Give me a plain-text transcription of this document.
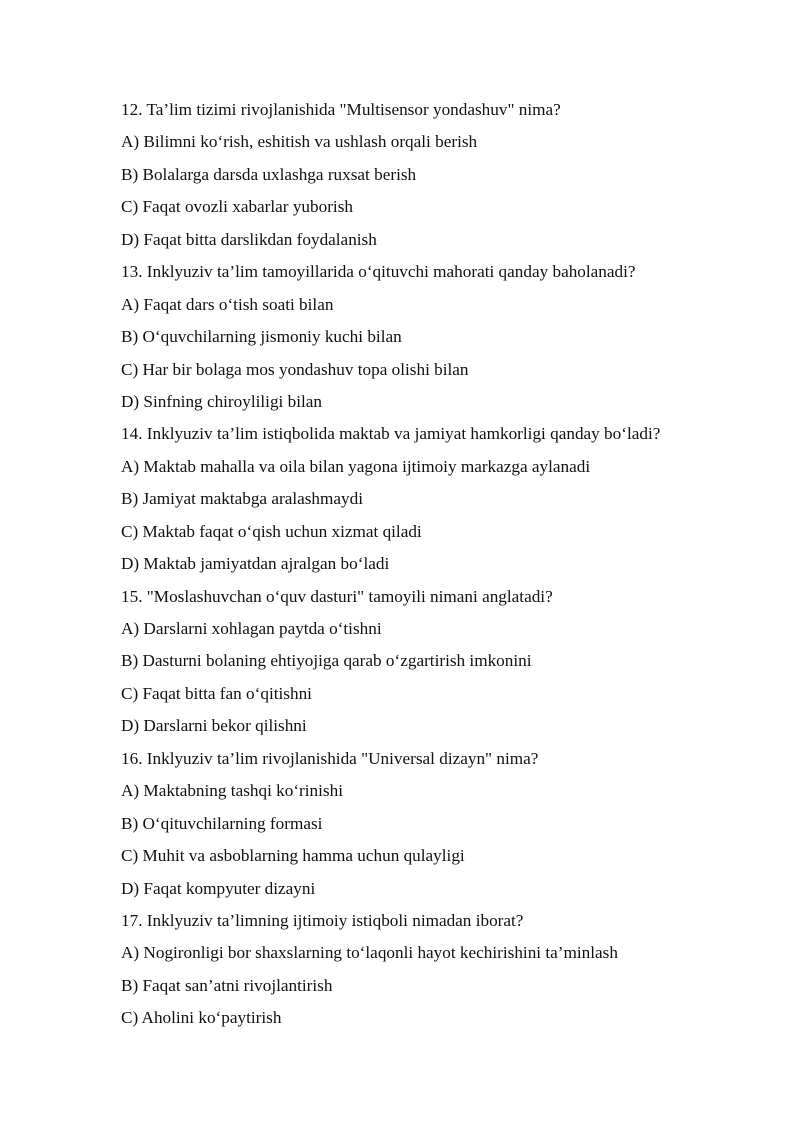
12. Ta’lim tizimi rivojlanishida "Multisensor yondashuv" nima?
A) Bilimni ko‘rish, eshitish va ushlash orqali berish
B) Bolalarga darsda uxlashga ruxsat berish
C) Faqat ovozli xabarlar yuborish
D) Faqat bitta darslikdan foydalanish
13. Inklyuziv ta’lim tamoyillarida o‘qituvchi mahorati qanday baholanadi?
A) Faqat dars o‘tish soati bilan
B) O‘quvchilarning jismoniy kuchi bilan
C) Har bir bolaga mos yondashuv topa olishi bilan
D) Sinfning chiroyliligi bilan
14. Inklyuziv ta’lim istiqbolida maktab va jamiyat hamkorligi qanday bo‘ladi?
A) Maktab mahalla va oila bilan yagona ijtimoiy markazga aylanadi
B) Jamiyat maktabga aralashmaydi
C) Maktab faqat o‘qish uchun xizmat qiladi
D) Maktab jamiyatdan ajralgan bo‘ladi
15. "Moslashuvchan o‘quv dasturi" tamoyili nimani anglatadi?
A) Darslarni xohlagan paytda o‘tishni
B) Dasturni bolaning ehtiyojiga qarab o‘zgartirish imkonini
C) Faqat bitta fan o‘qitishni
D) Darslarni bekor qilishni
16. Inklyuziv ta’lim rivojlanishida "Universal dizayn" nima?
A) Maktabning tashqi ko‘rinishi
B) O‘qituvchilarning formasi
C) Muhit va asboblarning hamma uchun qulayligi
D) Faqat kompyuter dizayni
17. Inklyuziv ta’limning ijtimoiy istiqboli nimadan iborat?
A) Nogironligi bor shaxslarning to‘laqonli hayot kechirishini ta’minlash
B) Faqat san’atni rivojlantirish
C) Aholini ko‘paytirish
